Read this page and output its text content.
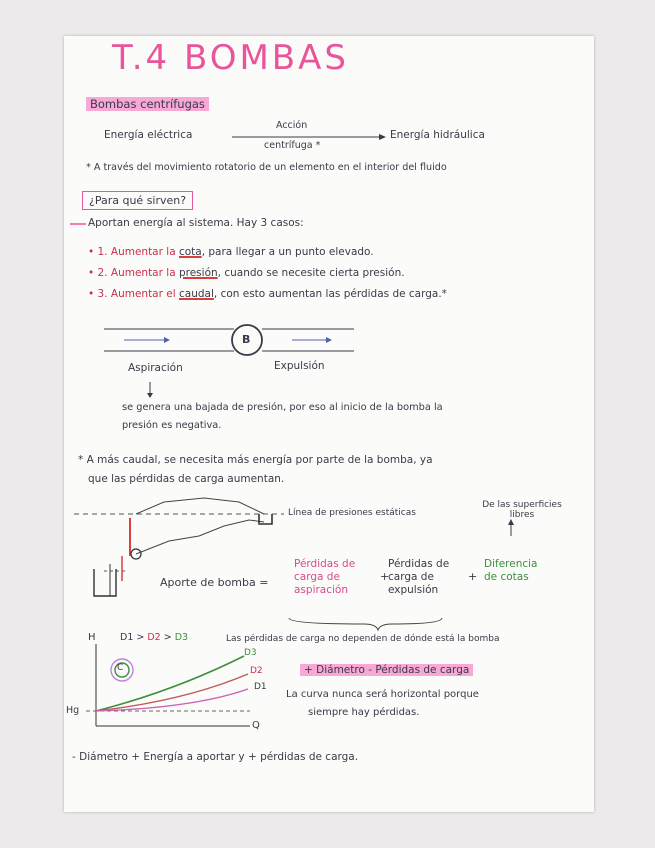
T.4 BOMBAS
Bombas centrífugas
Energía eléctrica
Acción
centrífuga *
Energía hidráulica
* A través del movimiento rotatorio de un elemento en el interior del fluido
¿Para qué sirven?
Aportan energía al sistema. Hay 3 casos:
• 1. Aumentar la cota, para llegar a un punto elevado.
• 2. Aumentar la presión, cuando se necesite cierta presión.
• 3. Aumentar el caudal, con esto aumentan las pérdidas de carga.*
B
Aspiración	Expulsión
se genera una bajada de presión, por eso al inicio de la bomba la
presión es negativa.
* A más caudal, se necesita más energía por parte de la bomba, ya
que las pérdidas de carga aumentan.
Línea de presiones estáticas
De las superficies libres
Aporte de bomba =
Pérdidas de
carga de
aspiración
+
Pérdidas de
carga de
expulsión
+
Diferencia
de cotas
H	D1 > D2 > D3	Las pérdidas de carga no dependen de dónde está la bomba
C
D3
D2
D1
Hg
Q
+ Diámetro - Pérdidas de carga
La curva nunca será horizontal porque
siempre hay pérdidas.
- Diámetro + Energía a aportar y + pérdidas de carga.
